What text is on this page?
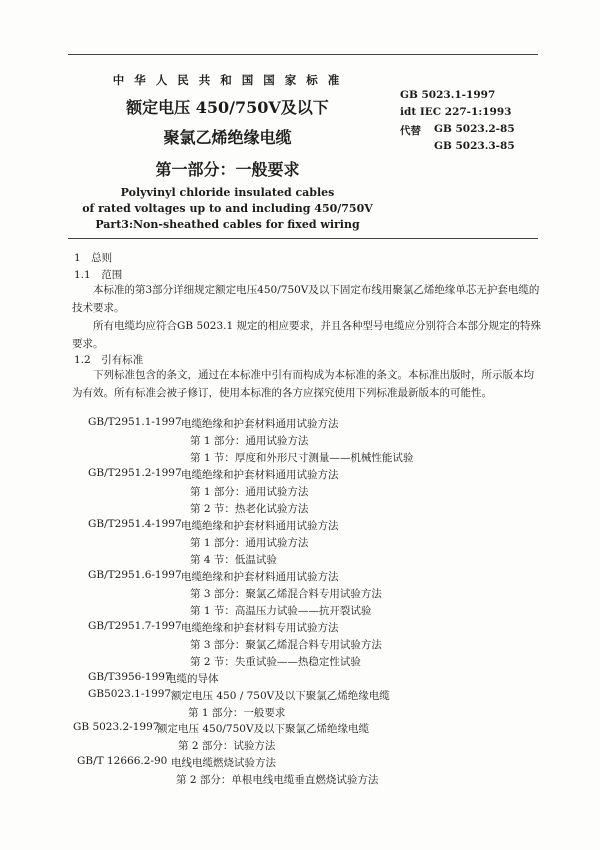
中 华 人 民 共 和 国 国 家 标 准
额定电压 450/750V及以下
聚氯乙烯绝缘电缆
第一部分：一般要求
Polyvinyl chloride insulated cables
of rated voltages up to and including 450/750V
Part3:Non-sheathed cables for fixed wiring
GB 5023.1-1997
idt IEC 227-1:1993
代替 GB 5023.2-85
GB 5023.3-85
1　总则
1.1　范围

本标准的第3部分详细规定额定电压450/750V及以下固定布线用聚氯乙烯绝缘单芯无护套电缆的技术要求。

所有电缆均应符合GB 5023.1 规定的相应要求，并且各种型号电缆应分别符合本部分规定的特殊要求。

1.2　引有标准

下列标准包含的条文，通过在本标准中引有而构成为本标准的条文。本标准出版时，所示版本均为有效。所有标准会被子修订，使用本标准的各方应探究使用下列标准最新版本的可能性。

GB/T2951.1-1997 电缆绝缘和护套材料通用试验方法
第 1 部分：通用试验方法
第 1 节：厚度和外形尺寸测量——机械性能试验
GB/T2951.2-1997 电缆绝缘和护套材料通用试验方法
第 1 部分：通用试验方法
第 2 节：热老化试验方法
GB/T2951.4-1997 电缆绝缘和护套材料通用试验方法
第 1 部分：通用试验方法
第 4 节：低温试验
GB/T2951.6-1997 电缆绝缘和护套材料通用试验方法
第 3 部分：聚氯乙烯混合料专用试验方法
第 1 节：高温压力试验——抗开裂试验
GB/T2951.7-1997 电缆绝缘和护套材料专用试验方法
第 3 部分：聚氯乙烯混合料专用试验方法
第 2 节：失重试验——热稳定性试验
GB/T3956-1997
电缆的导体
GB5023.1-1997 额定电压 450 / 750V及以下聚氯乙烯绝缘电缆
第 1 部分：一般要求
GB 5023.2-1997
额定电压 450/750V及以下聚氯乙烯绝缘电缆
第 2 部分：试验方法
GB/T 12666.2-90 电线电缆燃烧试验方法
第 2 部分：单根电线电缆垂直燃烧试验方法
